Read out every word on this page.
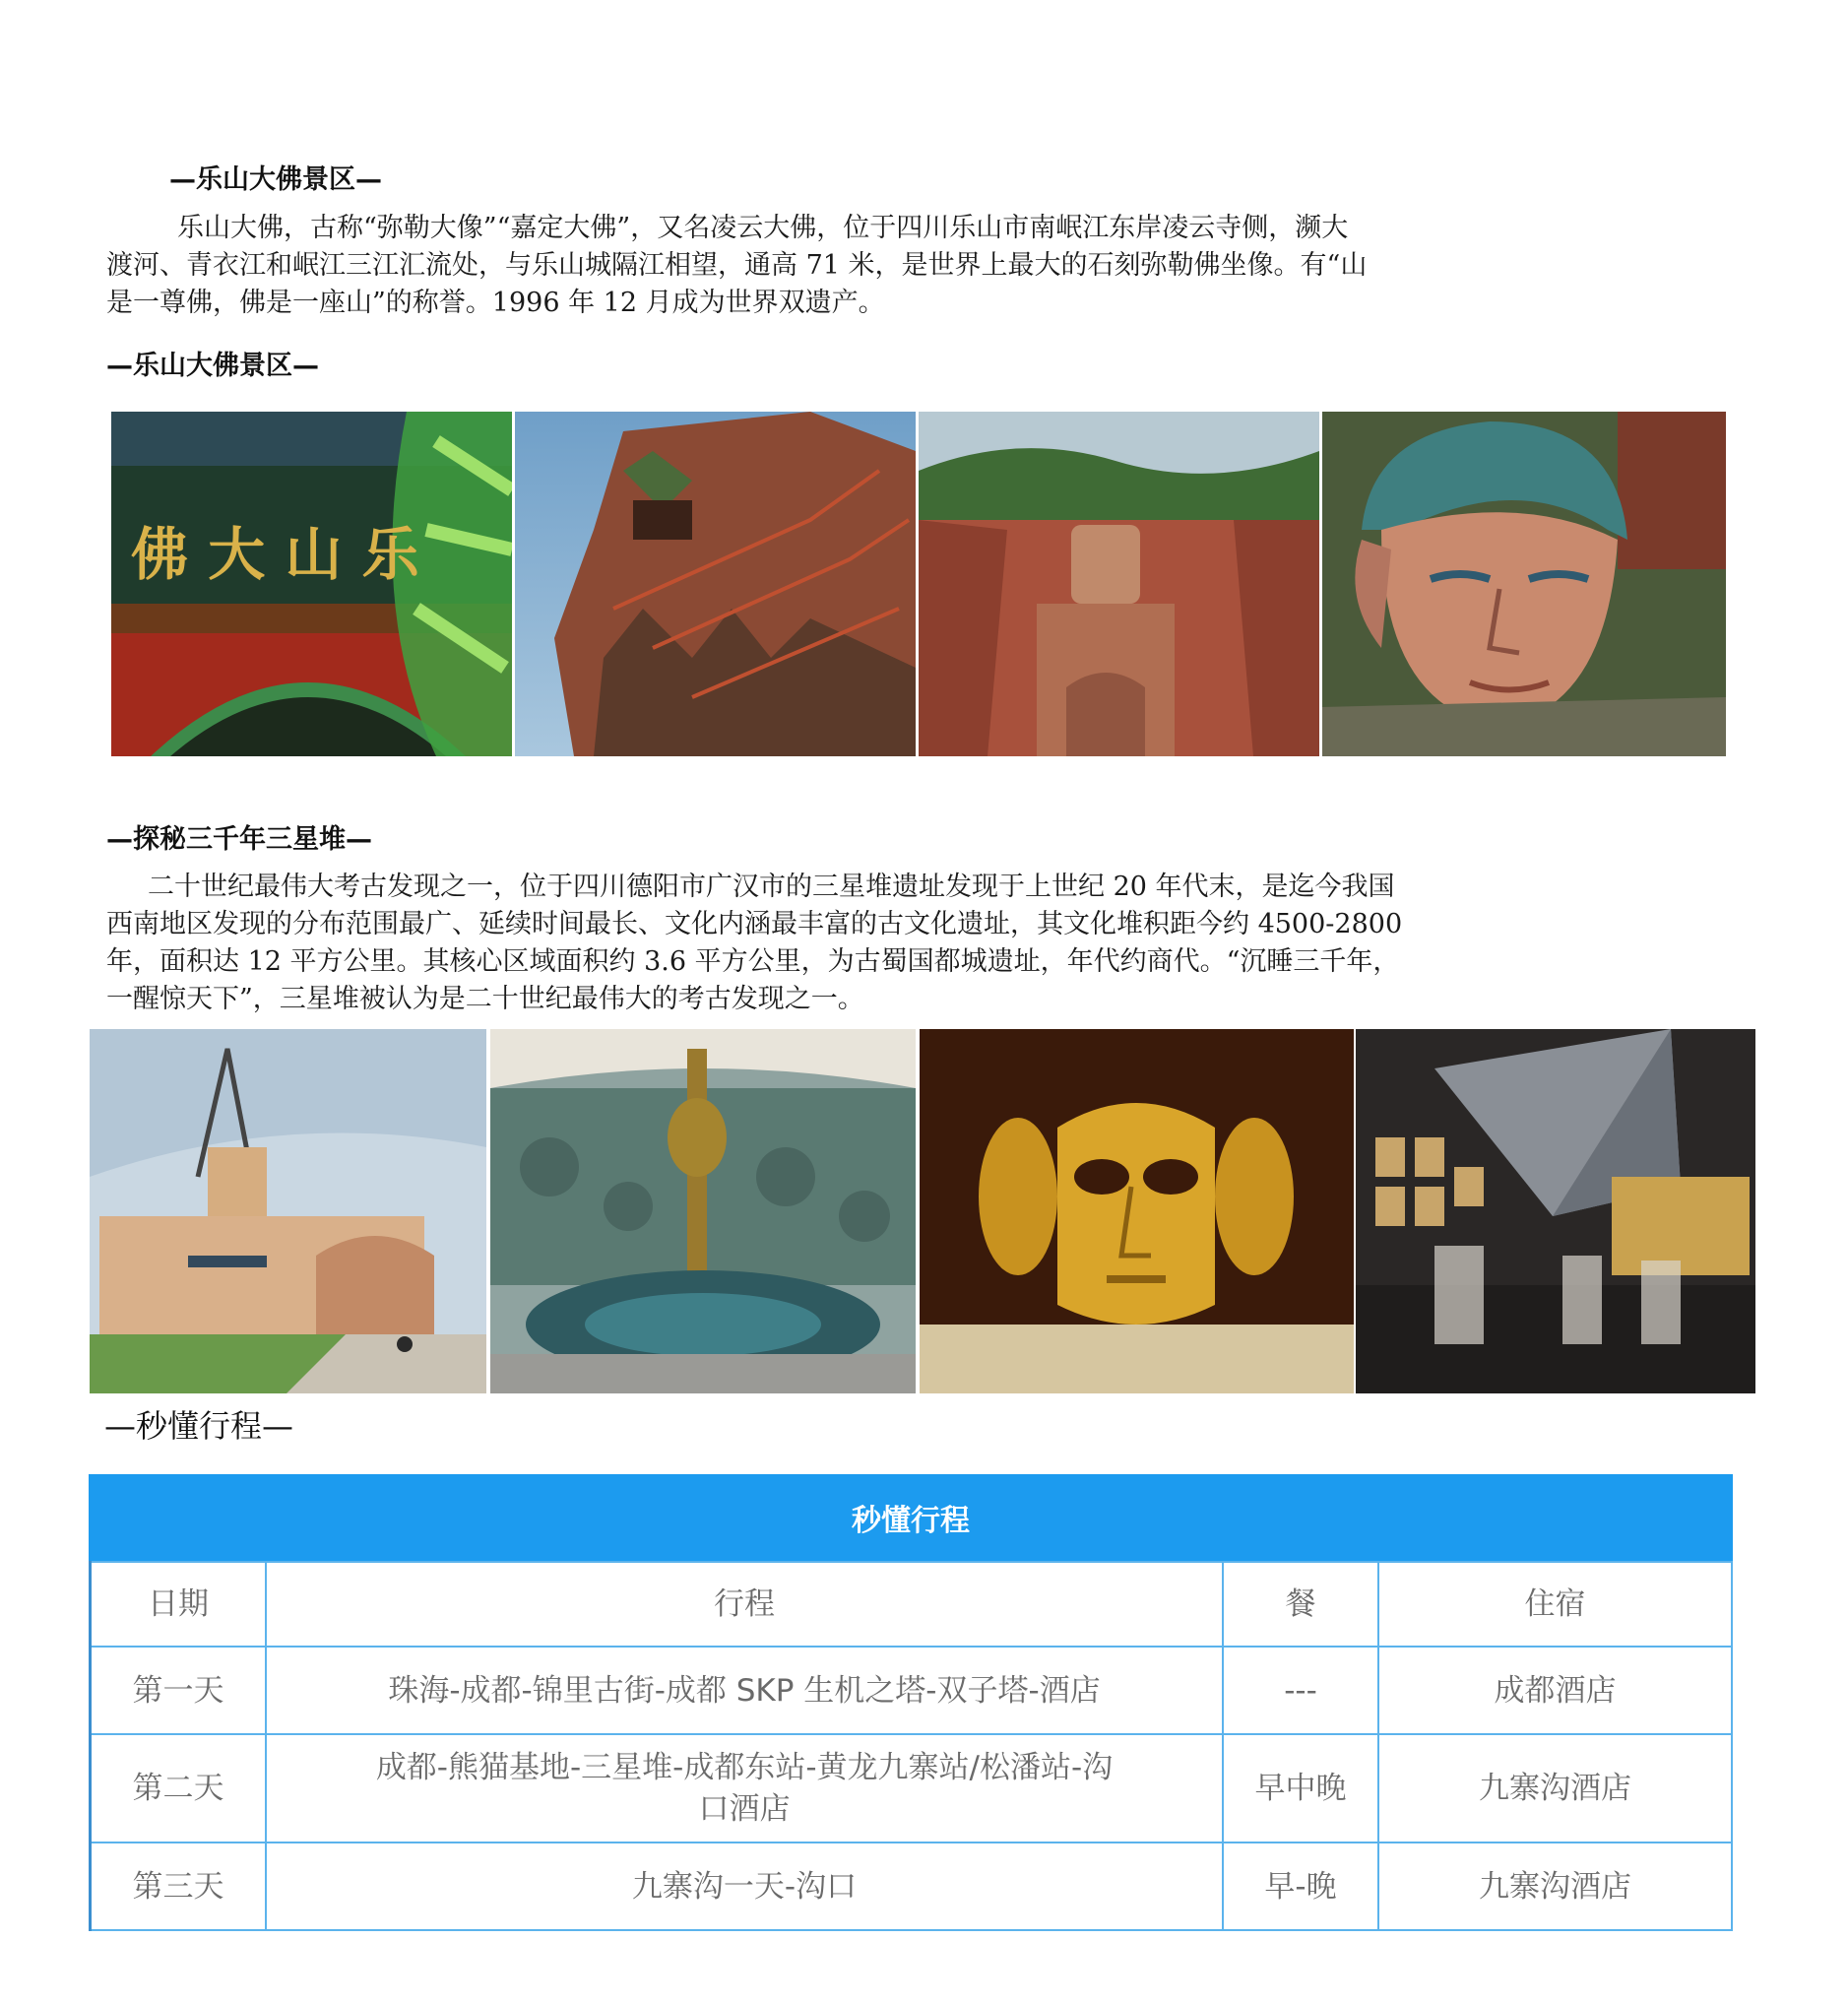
—乐山大佛景区—

乐山大佛，古称“弥勒大像”“嘉定大佛”，又名凌云大佛，位于四川乐山市南岷江东岸凌云寺侧，濒大

渡河、青衣江和岷江三江汇流处，与乐山城隔江相望，通高 71 米，是世界上最大的石刻弥勒佛坐像。有“山

是一尊佛，佛是一座山”的称誉。1996 年 12 月成为世界双遗产。

—乐山大佛景区—
佛 大 山 乐
—探秘三千年三星堆—

二十世纪最伟大考古发现之一，位于四川德阳市广汉市的三星堆遗址发现于上世纪 20 年代末，是迄今我国

西南地区发现的分布范围最广、延续时间最长、文化内涵最丰富的古文化遗址，其文化堆积距今约 4500-2800

年，面积达 12 平方公里。其核心区域面积约 3.6 平方公里，为古蜀国都城遗址，年代约商代。“沉睡三千年，

一醒惊天下”，三星堆被认为是二十世纪最伟大的考古发现之一。

—秒懂行程—
秒懂行程
日期	行程	餐	住宿
第一天	珠海-成都-锦里古街-成都 SKP 生机之塔-双子塔-酒店	---	成都酒店
第二天	成都-熊猫基地-三星堆-成都东站-黄龙九寨站/松潘站-沟
口酒店	早中晚	九寨沟酒店
第三天	九寨沟一天-沟口	早-晚	九寨沟酒店
